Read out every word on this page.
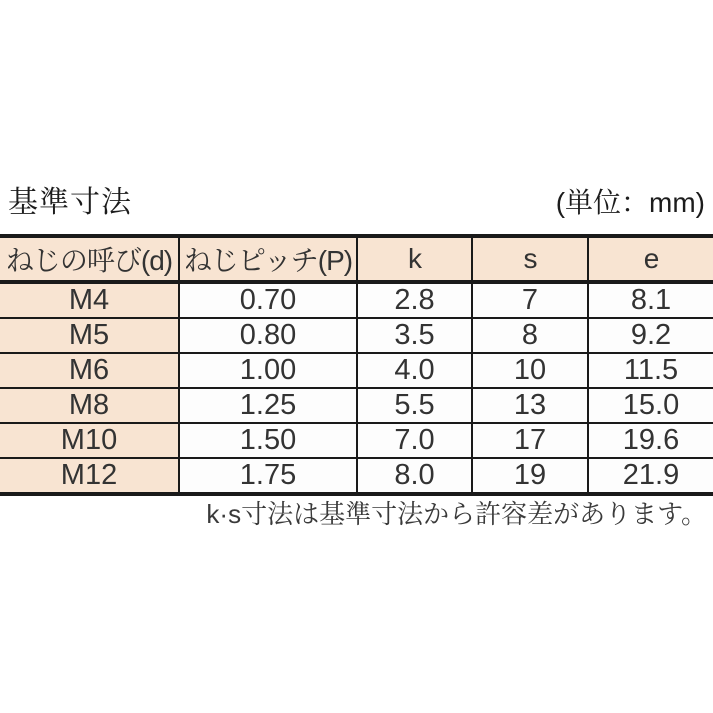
基準寸法	(単位：mm)
ねじの呼び(d)	ねじピッチ(P)	k	s	e
M4	0.70	2.8	7	8.1
M5	0.80	3.5	8	9.2
M6	1.00	4.0	10	11.5
M8	1.25	5.5	13	15.0
M10	1.50	7.0	17	19.6
M12	1.75	8.0	19	21.9
k·s寸法は基準寸法から許容差があります。
